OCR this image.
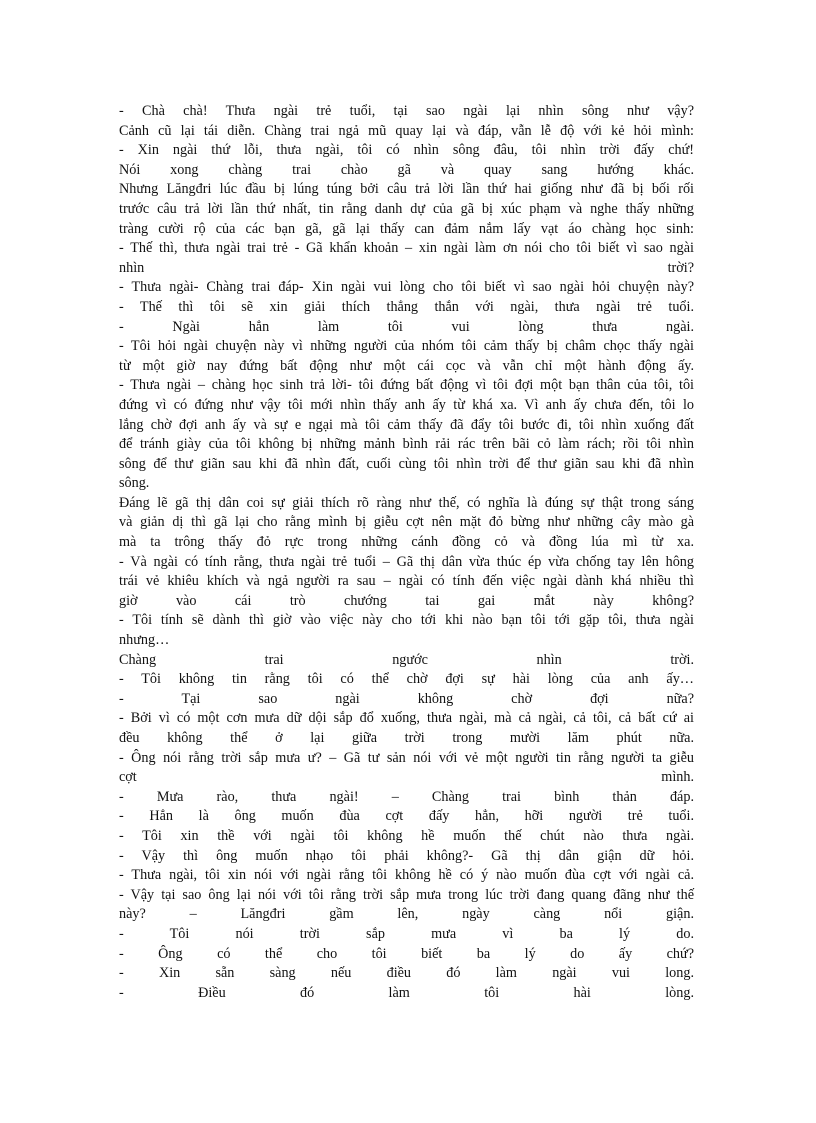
- Chà chà! Thưa ngài trẻ tuổi, tại sao ngài lại nhìn sông như vậy?

Cảnh cũ lại tái diễn. Chàng trai ngả mũ quay lại và đáp, vẫn lễ độ với kẻ hỏi mình:

- Xin ngài thứ lỗi, thưa ngài, tôi có nhìn sông đâu, tôi nhìn trời đấy chứ!

Nói xong chàng trai chào gã và quay sang hướng khác.

Nhưng Lăngđri lúc đầu bị lúng túng bởi câu trả lời lần thứ hai giống như đã bị bối rối

trước câu trả lời lần thứ nhất, tin rằng danh dự của gã bị xúc phạm và nghe thấy những

tràng cười rộ của các bạn gã, gã lại thấy can đảm nắm lấy vạt áo chàng học sinh:

- Thế thì, thưa ngài trai trẻ - Gã khẩn khoản – xin ngài làm ơn nói cho tôi biết vì sao ngài

nhìn trời?

- Thưa ngài- Chàng trai đáp- Xin ngài vui lòng cho tôi biết vì sao ngài hỏi chuyện này?

- Thế thì tôi sẽ xin giải thích thẳng thắn với ngài, thưa ngài trẻ tuổi.

- Ngài hẳn làm tôi vui lòng thưa ngài.

- Tôi hỏi ngài chuyện này vì những người của nhóm tôi cảm thấy bị châm chọc thấy ngài

từ một giờ nay đứng bất động như một cái cọc và vẫn chỉ một hành động ấy.

- Thưa ngài – chàng học sinh trả lời- tôi đứng bất động vì tôi đợi một bạn thân của tôi, tôi

đứng vì có đứng như vậy tôi mới nhìn thấy anh ấy từ khá xa. Vì anh ấy chưa đến, tôi lo

lắng chờ đợi anh ấy và sự e ngại mà tôi cảm thấy đã đẩy tôi bước đi, tôi nhìn xuống đất

để tránh giày của tôi không bị những mảnh bình rải rác trên bãi cỏ làm rách; rồi tôi nhìn

sông để thư giãn sau khi đã nhìn đất, cuối cùng tôi nhìn trời để thư giãn sau khi đã nhìn

sông.

Đáng lẽ gã thị dân coi sự giải thích rõ ràng như thế, có nghĩa là đúng sự thật trong sáng

và giản dị thì gã lại cho rằng mình bị giễu cợt nên mặt đỏ bừng như những cây mào gà

mà ta trông thấy đỏ rực trong những cánh đồng cỏ và đồng lúa mì từ xa.

- Và ngài có tính rằng, thưa ngài trẻ tuổi – Gã thị dân vừa thúc ép vừa chống tay lên hông

trái vẻ khiêu khích và ngả người ra sau – ngài có tính đến việc ngài dành khá nhiều thì

giờ vào cái trò chướng tai gai mắt này không?

- Tôi tính sẽ dành thì giờ vào việc này cho tới khi nào bạn tôi tới gặp tôi, thưa ngài

nhưng…

Chàng trai ngước nhìn trời.

- Tôi không tin rằng tôi có thể chờ đợi sự hài lòng của anh ấy…

- Tại sao ngài không chờ đợi nữa?

- Bởi vì có một cơn mưa dữ dội sắp đổ xuống, thưa ngài, mà cả ngài, cả tôi, cả bất cứ ai

đều không thể ở lại giữa trời trong mười lăm phút nữa.

- Ông nói rằng trời sắp mưa ư? – Gã tư sản nói với vẻ một người tin rằng người ta giễu

cợt mình.

- Mưa rào, thưa ngài! – Chàng trai bình thản đáp.

- Hẳn là ông muốn đùa cợt đấy hẳn, hỡi người trẻ tuổi.

- Tôi xin thề với ngài tôi không hề muốn thế chút nào thưa ngài.

- Vậy thì ông muốn nhạo tôi phải không?- Gã thị dân giận dữ hỏi.

- Thưa ngài, tôi xin nói với ngài rằng tôi không hề có ý nào muốn đùa cợt với ngài cả.

- Vậy tại sao ông lại nói với tôi rằng trời sắp mưa trong lúc trời đang quang đãng như thế

này? – Lăngđri gầm lên, ngày càng nổi giận.

- Tôi nói trời sắp mưa vì ba lý do.

- Ông có thể cho tôi biết ba lý do ấy chứ?

- Xin sẵn sàng nếu điều đó làm ngài vui long.

- Điều đó làm tôi hài lòng.
